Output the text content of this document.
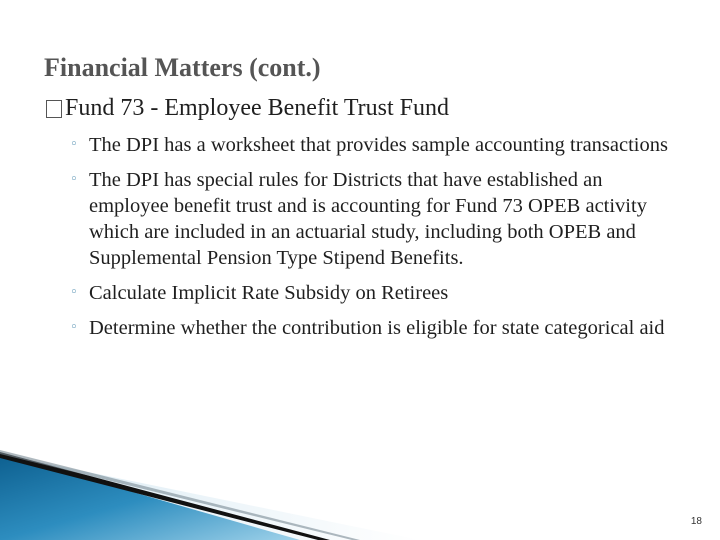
Financial Matters (cont.)
Fund 73 - Employee Benefit Trust Fund
◦ The DPI has a worksheet that provides sample accounting transactions
◦ The DPI has special rules for Districts that have established an employee benefit trust and is accounting for Fund 73 OPEB activity which are included in an actuarial study, including both OPEB and Supplemental Pension Type Stipend Benefits.
◦ Calculate Implicit Rate Subsidy on Retirees
◦ Determine whether the contribution is eligible for state categorical aid
18
